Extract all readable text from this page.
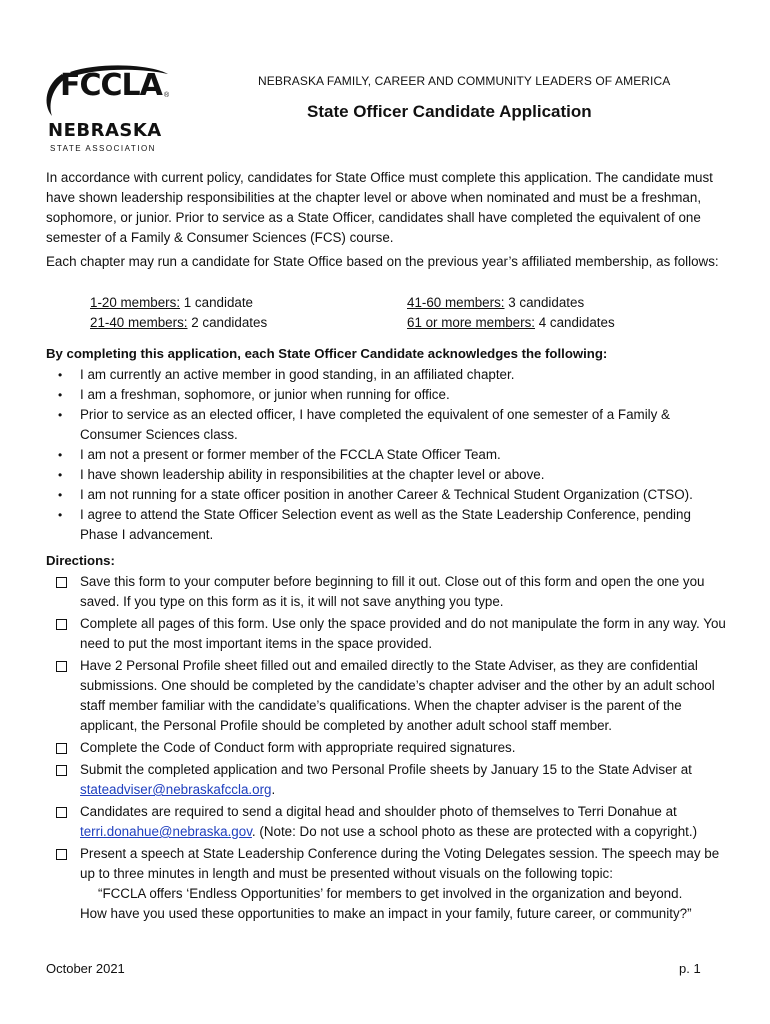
FCCLA ®
NEBRASKA
STATE ASSOCIATION
NEBRASKA FAMILY, CAREER AND COMMUNITY LEADERS OF AMERICA
State Officer Candidate Application
In accordance with current policy, candidates for State Office must complete this application. The candidate must have shown leadership responsibilities at the chapter level or above when nominated and must be a freshman, sophomore, or junior. Prior to service as a State Officer, candidates shall have completed the equivalent of one semester of a Family & Consumer Sciences (FCS) course.
Each chapter may run a candidate for State Office based on the previous year’s affiliated membership, as follows:
1-20 members: 1 candidate
21-40 members: 2 candidates
41-60 members: 3 candidates
61 or more members: 4 candidates
By completing this application, each State Officer Candidate acknowledges the following:
• I am currently an active member in good standing, in an affiliated chapter.
• I am a freshman, sophomore, or junior when running for office.
• Prior to service as an elected officer, I have completed the equivalent of one semester of a Family & Consumer Sciences class.
• I am not a present or former member of the FCCLA State Officer Team.
• I have shown leadership ability in responsibilities at the chapter level or above.
• I am not running for a state officer position in another Career & Technical Student Organization (CTSO).
• I agree to attend the State Officer Selection event as well as the State Leadership Conference, pending Phase I advancement.
Directions:
Save this form to your computer before beginning to fill it out. Close out of this form and open the one you saved. If you type on this form as it is, it will not save anything you type.
Complete all pages of this form. Use only the space provided and do not manipulate the form in any way. You need to put the most important items in the space provided.
Have 2 Personal Profile sheet filled out and emailed directly to the State Adviser, as they are confidential submissions. One should be completed by the candidate’s chapter adviser and the other by an adult school staff member familiar with the candidate’s qualifications. When the chapter adviser is the parent of the applicant, the Personal Profile should be completed by another adult school staff member.
Complete the Code of Conduct form with appropriate required signatures.
Submit the completed application and two Personal Profile sheets by January 15 to the State Adviser at stateadviser@nebraskafccla.org.
Candidates are required to send a digital head and shoulder photo of themselves to Terri Donahue at terri.donahue@nebraska.gov. (Note: Do not use a school photo as these are protected with a copyright.)
Present a speech at State Leadership Conference during the Voting Delegates session. The speech may be up to three minutes in length and must be presented without visuals on the following topic:
“FCCLA offers ‘Endless Opportunities’ for members to get involved in the organization and beyond.
How have you used these opportunities to make an impact in your family, future career, or community?”
October 2021	p. 1
